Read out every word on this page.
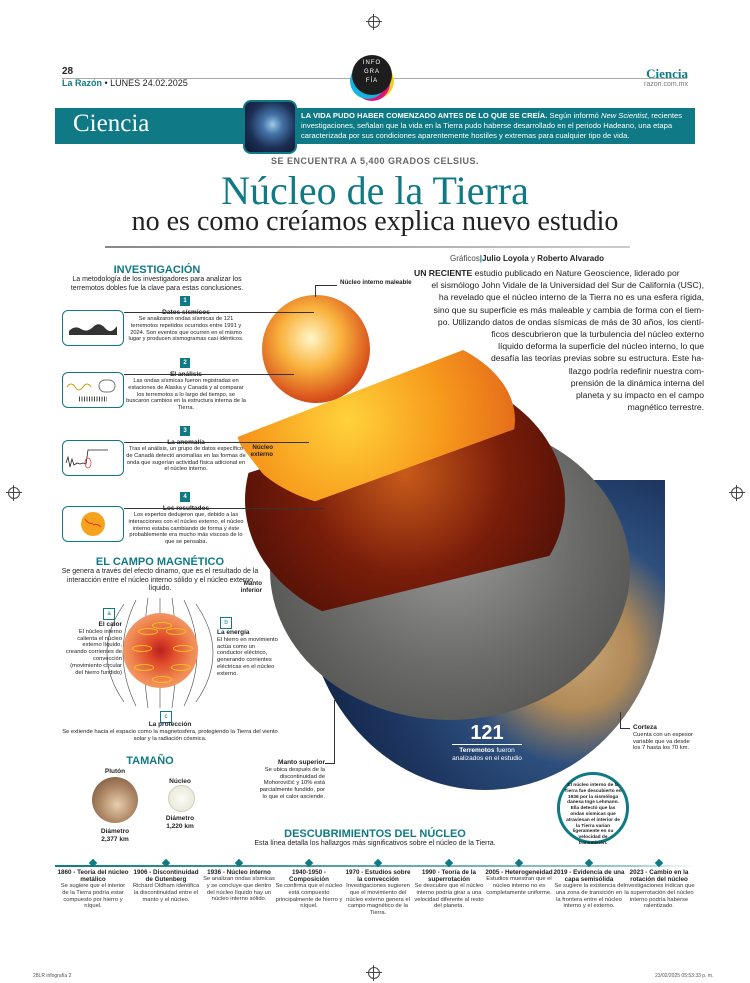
28
La Razón • LUNES 24.02.2025
Ciencia
razon.com.mx
INFO
GRA
FÍA
Ciencia	LA VIDA PUDO HABER COMENZADO ANTES DE LO QUE SE CREÍA. Según informó New Scientist, recientes investigaciones, señalan que la vida en la Tierra pudo haberse desarrollado en el periodo Hadeano, una etapa caracterizada por sus condiciones aparentemente hostiles y extremas para cualquier tipo de vida.
SE ENCUENTRA A 5,400 GRADOS CELSIUS.
Núcleo de la Tierra
no es como creíamos explica nuevo estudio
Gráficos|Julio Loyola y Roberto Alvarado
UN RECIENTE estudio publicado en Nature Geoscience, liderado por
el sismólogo John Vidale de la Universidad del Sur de California (USC),
ha revelado que el núcleo interno de la Tierra no es una esfera rígida,
sino que su superficie es más maleable y cambia de forma con el tiem-
po. Utilizando datos de ondas sísmicas de más de 30 años, los cientí-
ficos descubrieron que la turbulencia del núcleo externo
líquido deforma la superficie del núcleo interno, lo que
desafía las teorías previas sobre su estructura. Este ha-
llazgo podría redefinir nuestra com-
prensión de la dinámica interna del
planeta y su impacto en el campo
magnético terrestre.
Núcleo interno maleable
Núcleo externo
Manto inferior
Manto superior
Se ubica después de la discontinuidad de Mohorovičić y 10% está parcialmente fundido, por lo que el calor asciende.
Corteza
Cuenta con un espesor variable que va desde los 7 hasta los 70 km.
121
Terremotos fueron analizados en el estudio
INVESTIGACIÓN
La metodología de los investigadores para analizar los terremotos dobles fue la clave para estas conclusiones.
1
Se analizaron ondas sísmicas de 121 terremotos repetidos ocurridos entre 1991 y 2024. Son eventos que ocurren en el mismo lugar y producen sismogramas casi idénticos.
2
Las ondas sísmicas fueron registradas en estaciones de Alaska y Canadá y al comparar los terremotos a lo largo del tiempo, se buscaron cambios en la estructura interna de la Tierra.
3
Tras el análisis, un grupo de datos específico de Canadá detectó anomalías en las formas de onda que sugerían actividad física adicional en el núcleo interno.
4
Los expertos dedujeron que, debido a las interacciones con el núcleo externo, el núcleo interno estaba cambiando de forma y éste probablemente era mucho más viscoso de lo que se pensaba.
EL CAMPO MAGNÉTICO
Se genera a través del efecto dinamo, que es el resultado de la interacción entre el núcleo interno sólido y el núcleo externo líquido.
a
El calor
El núcleo interno calienta el núcleo externo líquido, creando corrientes de convección (movimiento circular del hierro fundido)
b
La energía
El hierro en movimiento actúa como un conductor eléctrico, generando corrientes eléctricas en el núcleo externo.
c
La protección
Se extiende hacia el espacio como la magnetosfera, protegiendo la Tierra del viento solar y la radiación cósmica.
TAMAÑO
Plutón
Diámetro
2,377 km
Núcleo
Diámetro
1,220 km
El núcleo interno de la Tierra fue descubierto en 1936 por la sismóloga danesa Inge Lehmann. Ella detectó que las ondas sísmicas que atraviesan el interior de la Tierra varían ligeramente en su velocidad de transmisión.
DESCUBRIMIENTOS DEL NÚCLEO
Esta línea detalla los hallazgos más significativos sobre el núcleo de la Tierra.
1860 - Teoría del núcleo metálico
Se sugiere que el interior de la Tierra podría estar compuesto por hierro y níquel.
1906 - Discontinuidad de Gutenberg
Richard Oldham identifica la discontinuidad entre el manto y el núcleo.
1936 - Núcleo interno
Se analizan ondas sísmicas y se concluye que dentro del núcleo líquido hay un núcleo interno sólido.
1940-1950 - Composición
Se confirma que el núcleo está compuesto principalmente de hierro y níquel.
1970 - Estudios sobre la convección
Investigaciones sugieren que el movimiento del núcleo externo genera el campo magnético de la Tierra.
1990 - Teoría de la superrotación
Se descubre que el núcleo interno podría girar a una velocidad diferente al resto del planeta.
2005 - Heterogeneidad
Estudios muestran que el núcleo interno no es completamente uniforme.
2019 - Evidencia de una capa semisólida
Se sugiere la existencia de una zona de transición en la frontera entre el núcleo interno y el externo.
2023 - Cambio en la rotación del núcleo
Investigaciones indican que la superrotación del núcleo interno podría haberse ralentizado.
28LR infografía 2	23/02/2025 05:53:33 p. m.
